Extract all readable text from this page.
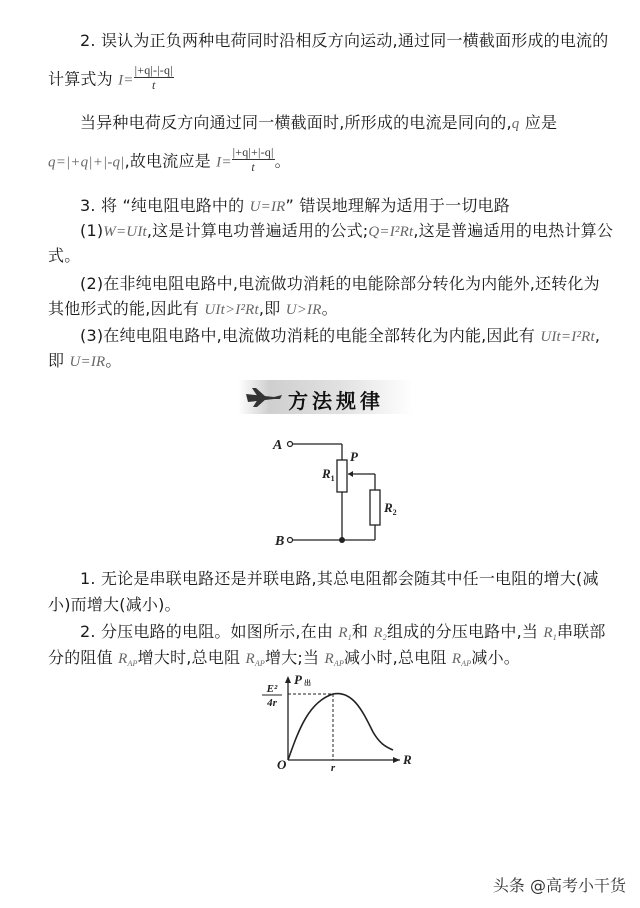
2. 误认为正负两种电荷同时沿相反方向运动,通过同一横截面形成的电流的
计算式为 $I= \frac{|+q|-|-q|}{t}$
当异种电荷反方向通过同一横截面时,所形成的电流是同向的,q 应是
q=|+q|+|-q|,故电流应是 $I= \frac{|+q|+|-q|}{t}$ 。
3. 将 “纯电阻电路中的 U=IR” 错误地理解为适用于一切电路
(1)W=UIt,这是计算电功普遍适用的公式;Q=I²Rt,这是普遍适用的电热计算公
式。
(2)在非纯电阻电路中,电流做功消耗的电能除部分转化为内能外,还转化为
其他形式的能,因此有 UIt>I²Rt,即 U>IR。
(3)在纯电阻电路中,电流做功消耗的电能全部转化为内能,因此有 UIt=I²Rt,
即 U=IR。
方法规律
A
$R_1$
P
$R_2$
B
1. 无论是串联电路还是并联电路,其总电阻都会随其中任一电阻的增大(减
小)而增大(减小)。
2. 分压电路的电阻。如图所示,在由 $R_1$和 $R_2$组成的分压电路中,当 $R_1$串联部
分的阻值 $R_{AP}$增大时,总电阻 $R_{AP}$增大;当 $R_{AP}$减小时,总电阻 $R_{AP}$减小。
P出
E²
4r
R
r
O
头条 @高考小干货
